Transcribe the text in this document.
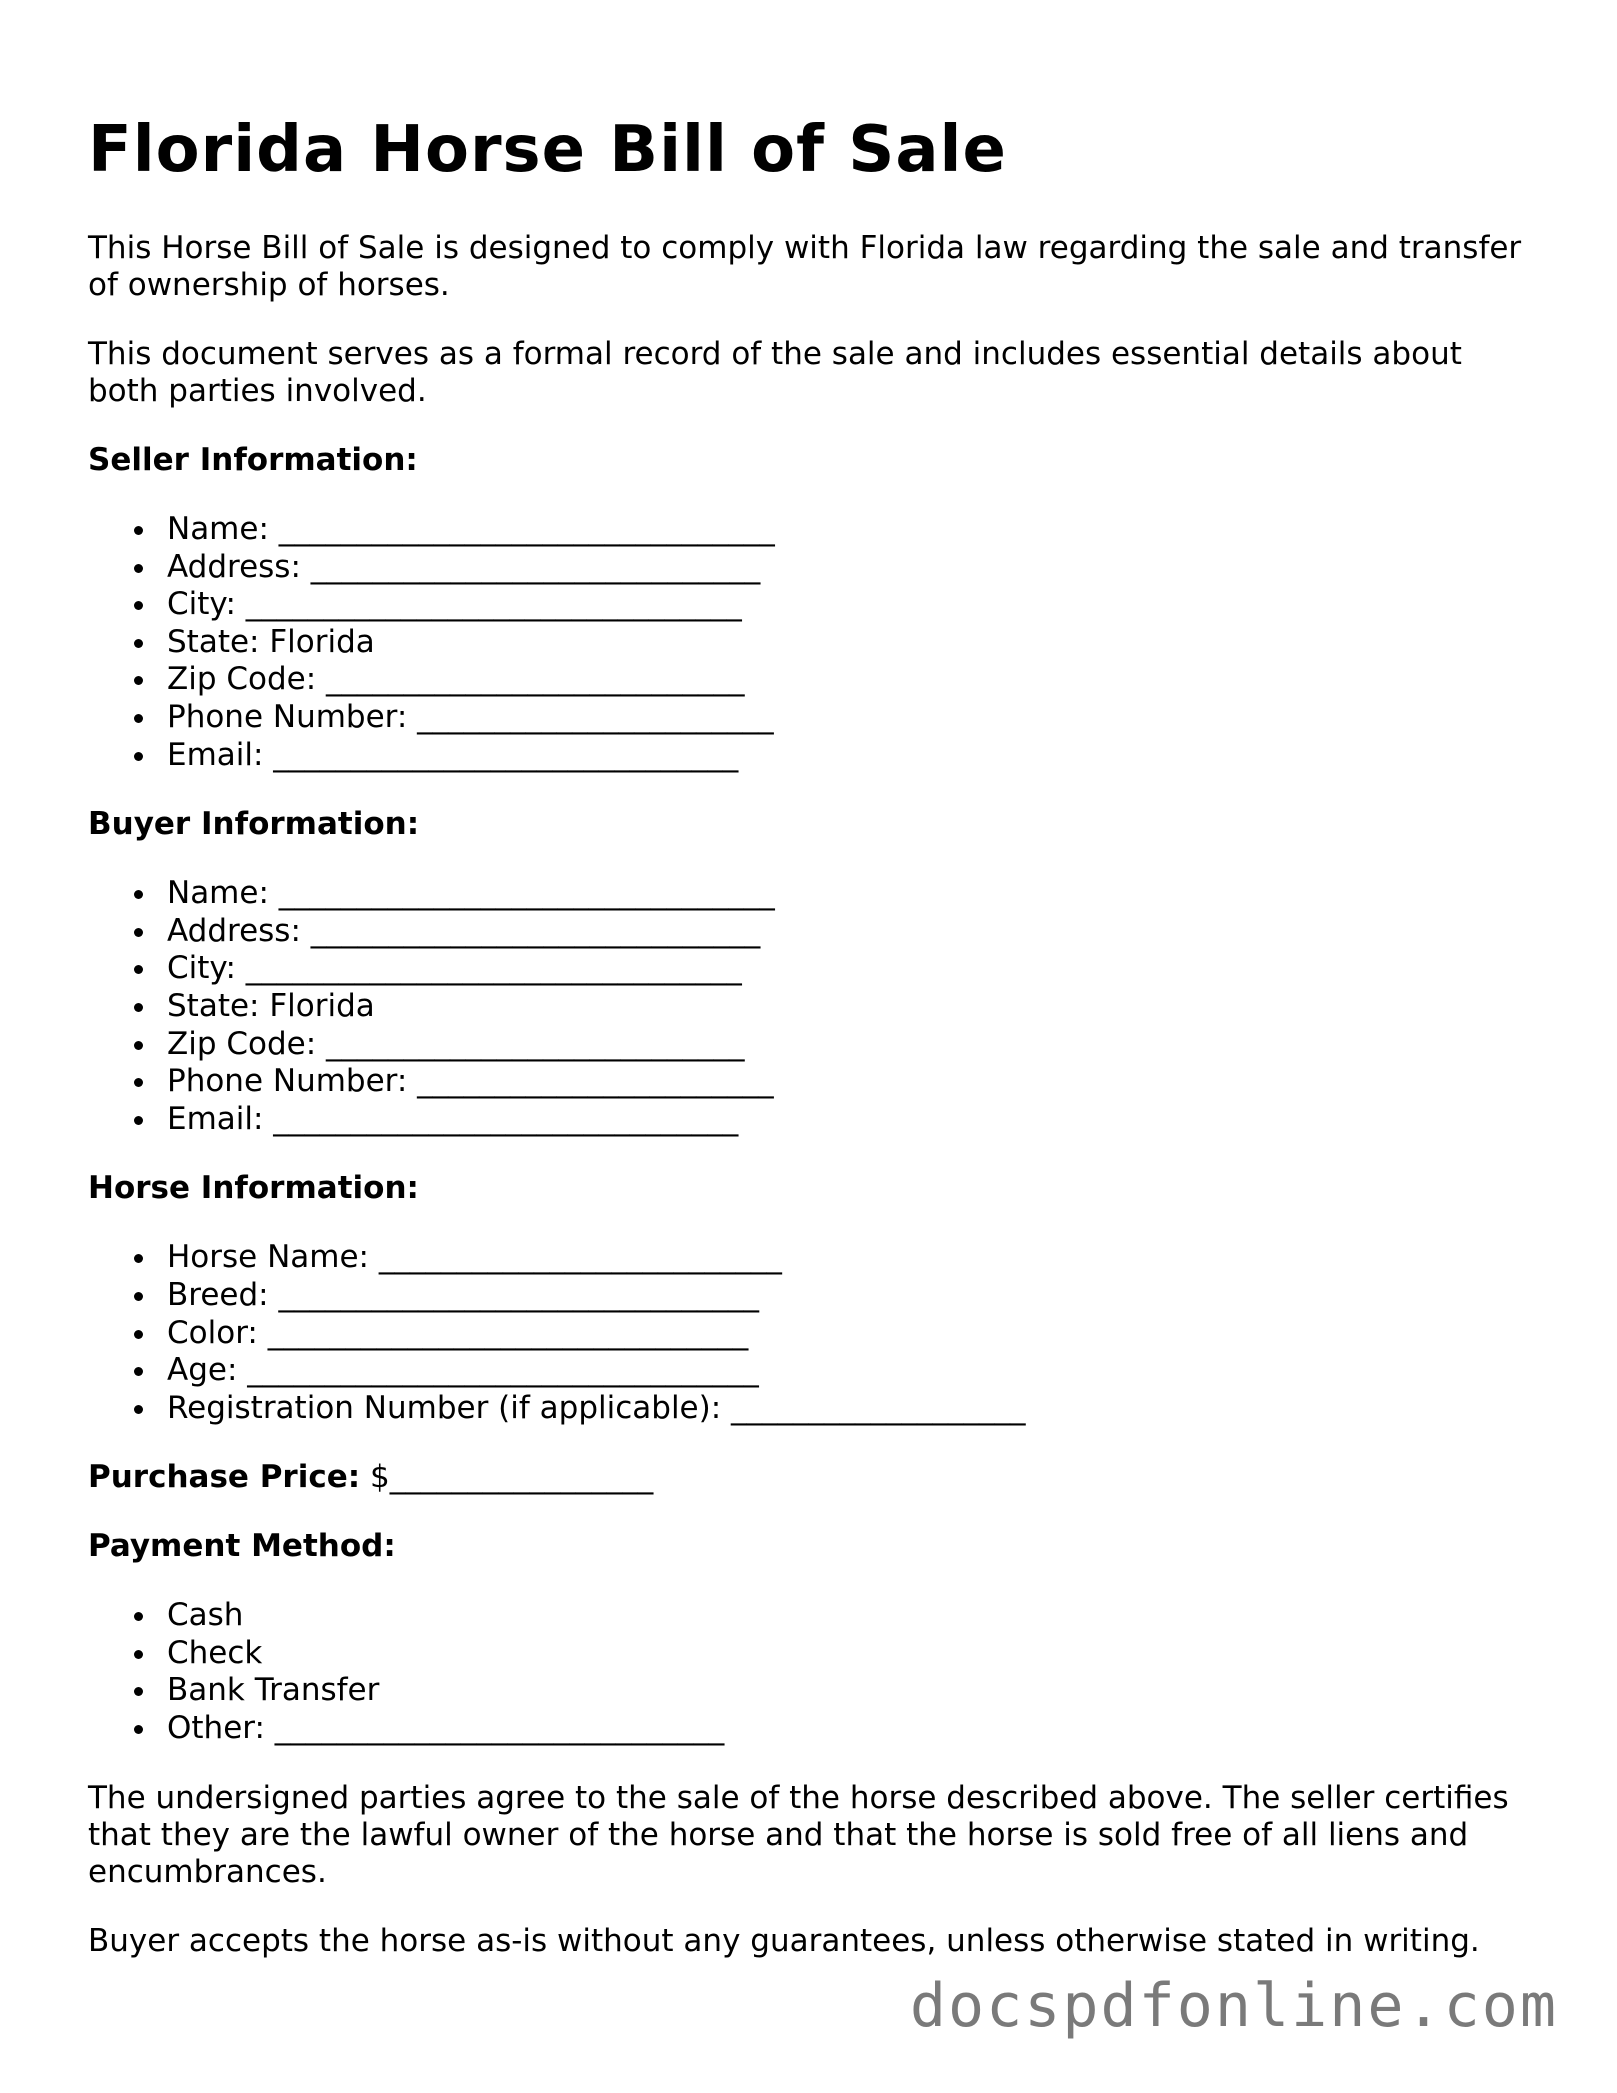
Florida Horse Bill of Sale

This Horse Bill of Sale is designed to comply with Florida law regarding the sale and transfer of ownership of horses.

This document serves as a formal record of the sale and includes essential details about both parties involved.

Seller Information:
Name: ________________________________
Address: _____________________________
City: ________________________________
State: Florida
Zip Code: ___________________________
Phone Number: _______________________
Email: ______________________________
Buyer Information:
Name: ________________________________
Address: _____________________________
City: ________________________________
State: Florida
Zip Code: ___________________________
Phone Number: _______________________
Email: ______________________________
Horse Information:
Horse Name: __________________________
Breed: _______________________________
Color: _______________________________
Age: _________________________________
Registration Number (if applicable): ___________________
Purchase Price: $_________________
Payment Method:
Cash
Check
Bank Transfer
Other: _____________________________

The undersigned parties agree to the sale of the horse described above. The seller certifies that they are the lawful owner of the horse and that the horse is sold free of all liens and encumbrances.

Buyer accepts the horse as-is without any guarantees, unless otherwise stated in writing.

docspdfonline.com
